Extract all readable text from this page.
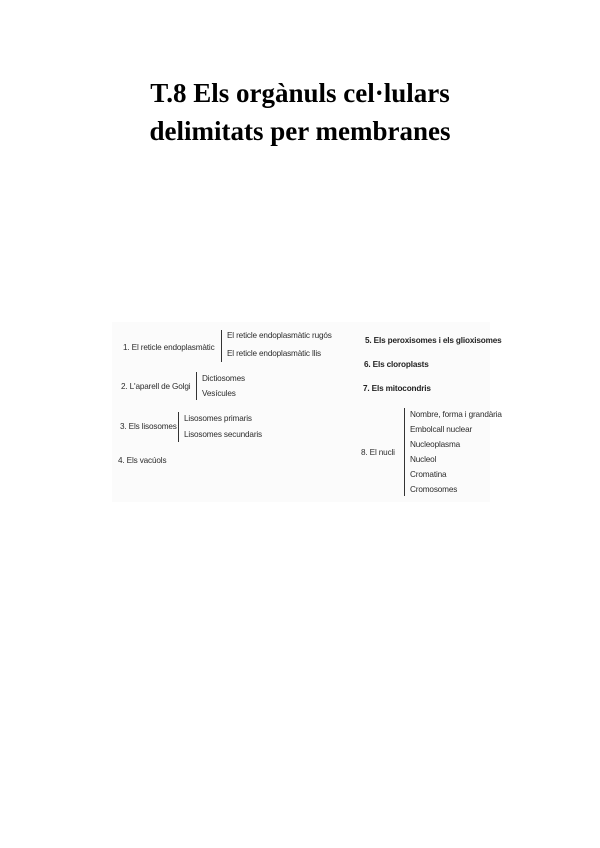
T.8 Els orgànuls cel·lulars
delimitats per membranes
1. El reticle endoplasmàtic
El reticle endoplasmàtic rugós
El reticle endoplasmàtic llis
2. L'aparell de Golgi
Dictiosomes
Vesícules
3. Els lisosomes
Lisosomes primaris
Lisosomes secundaris
4. Els vacúols
5. Els peroxisomes i els glioxisomes
6. Els cloroplasts
7. Els mitocondris
8. El nucli
Nombre, forma i grandària
Embolcall nuclear
Nucleoplasma
Nucleol
Cromatina
Cromosomes
